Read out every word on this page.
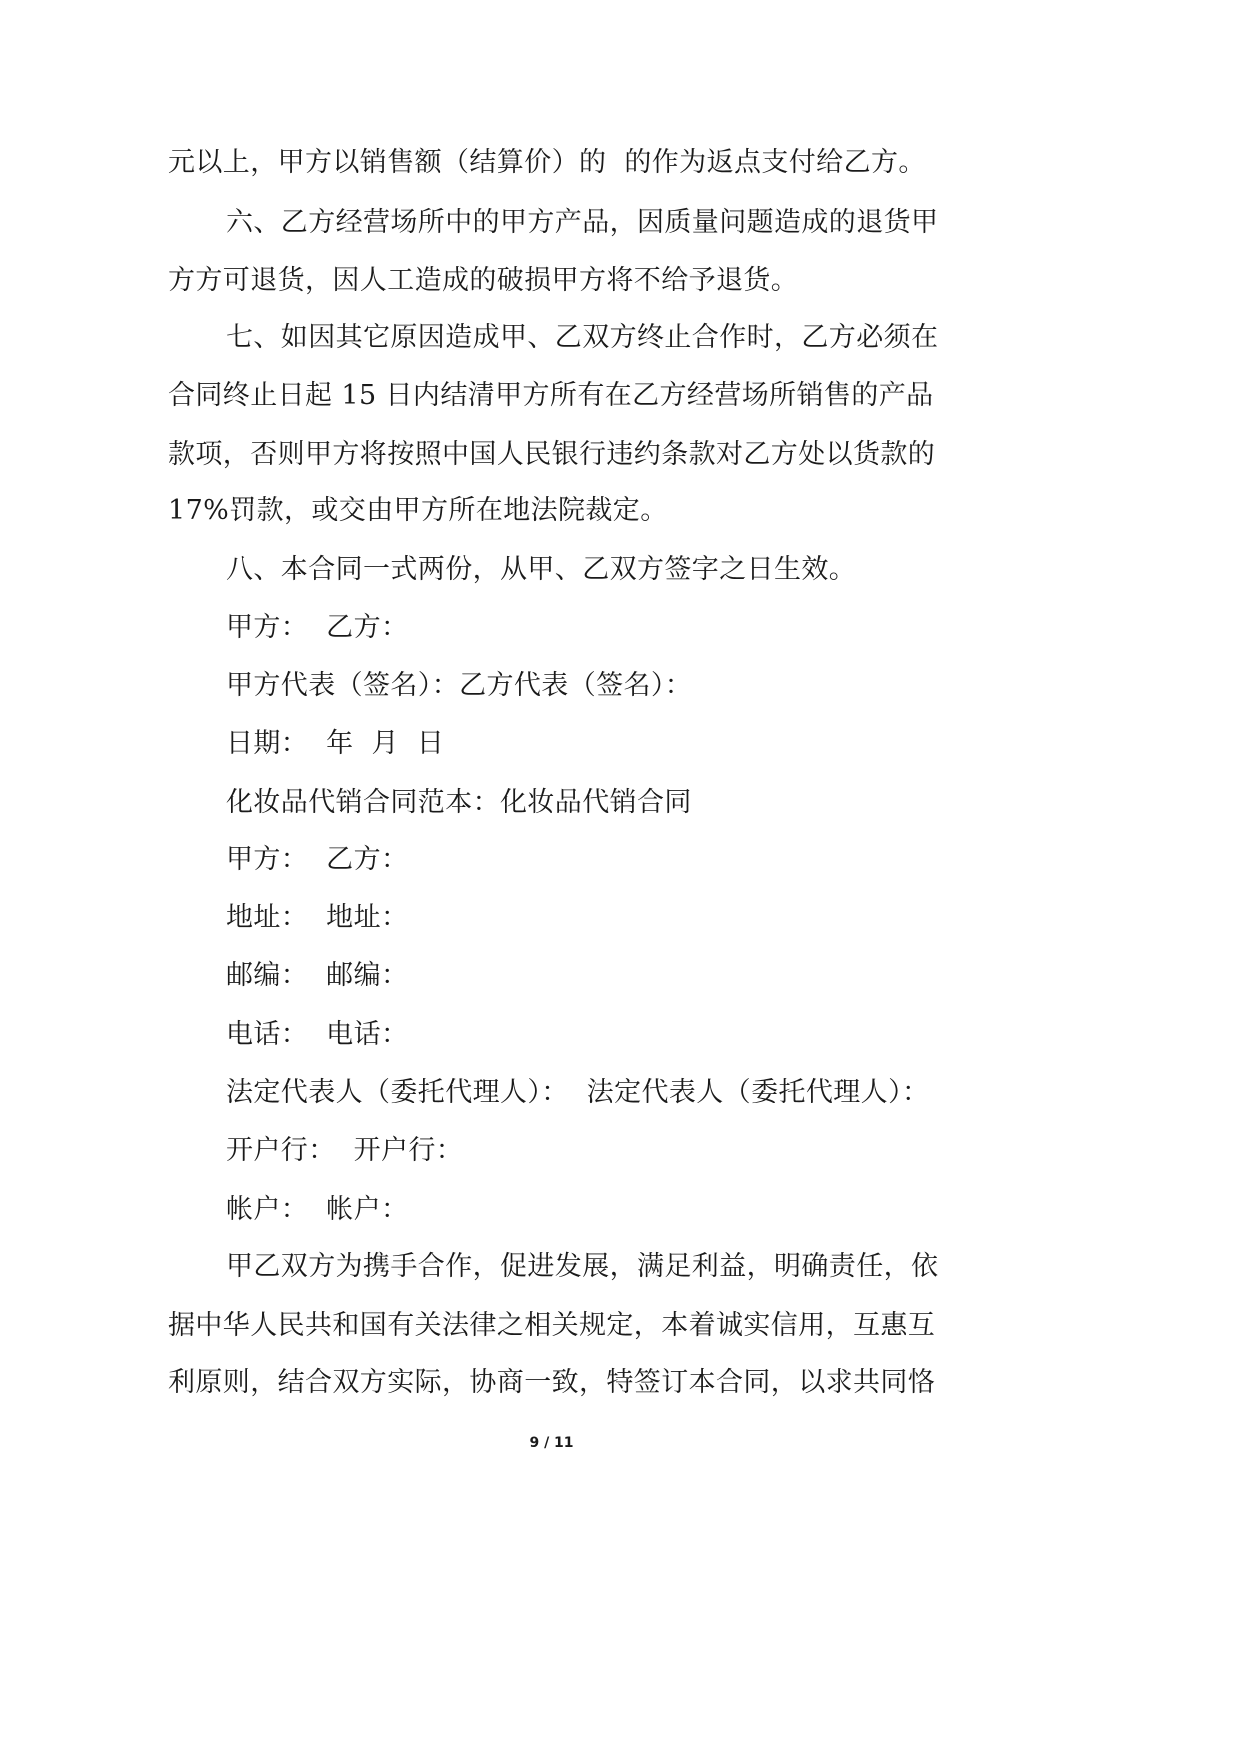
元以上，甲方以销售额（结算价）的  的作为返点支付给乙方。
六、乙方经营场所中的甲方产品，因质量问题造成的退货甲
方方可退货，因人工造成的破损甲方将不给予退货。
七、如因其它原因造成甲、乙双方终止合作时，乙方必须在
合同终止日起 15 日内结清甲方所有在乙方经营场所销售的产品
款项，否则甲方将按照中国人民银行违约条款对乙方处以货款的
17%罚款，或交由甲方所在地法院裁定。
八、本合同一式两份，从甲、乙双方签字之日生效。
甲方：  乙方：
甲方代表（签名）：乙方代表（签名）：
日期：  年  月  日
化妆品代销合同范本：化妆品代销合同
甲方：  乙方：
地址：  地址：
邮编：  邮编：
电话：  电话：
法定代表人（委托代理人）：  法定代表人（委托代理人）：
开户行：  开户行：
帐户：  帐户：
甲乙双方为携手合作，促进发展，满足利益，明确责任，依
据中华人民共和国有关法律之相关规定，本着诚实信用，互惠互
利原则，结合双方实际，协商一致，特签订本合同，以求共同恪
9 / 11
